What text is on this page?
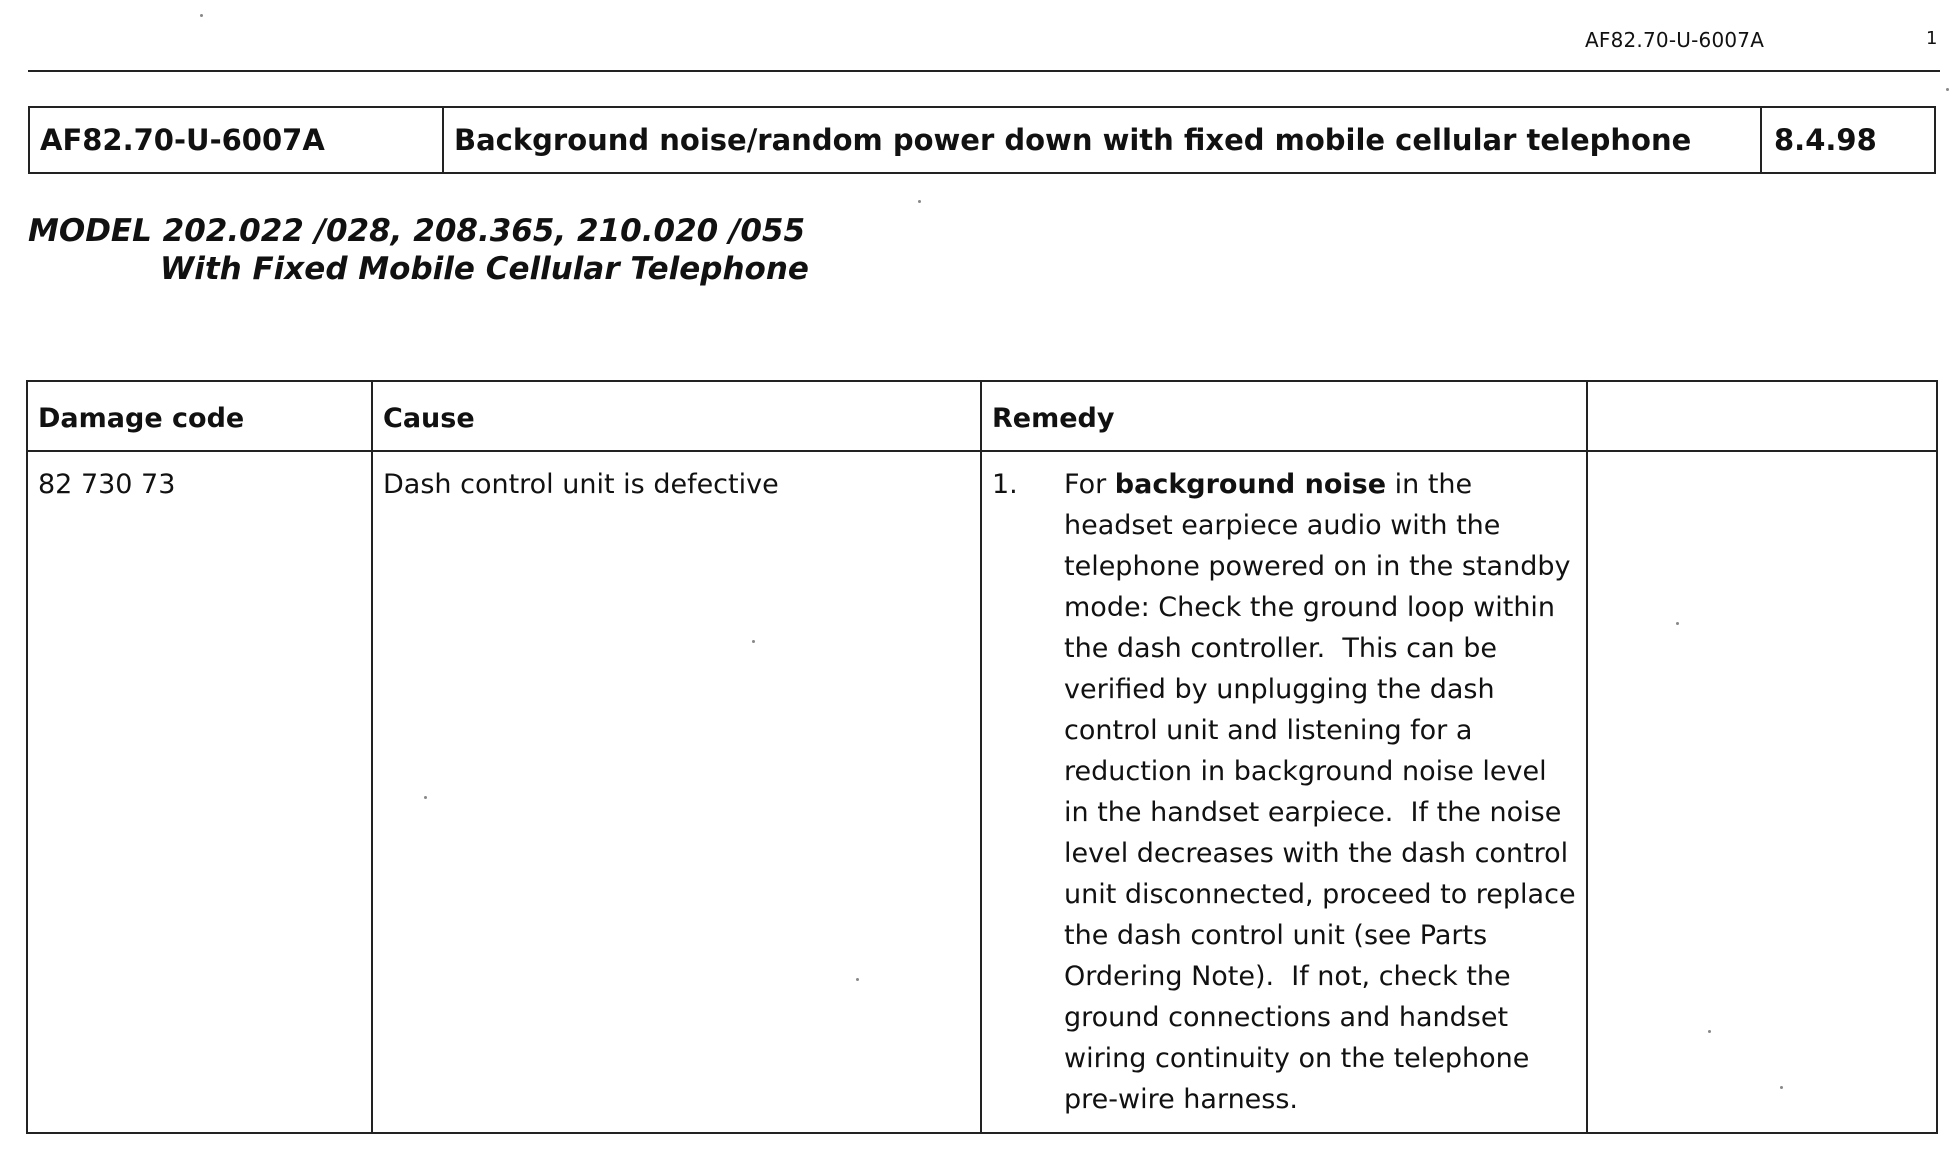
AF82.70-U-6007A	1
AF82.70-U-6007A	Background noise/random power down with fixed mobile cellular telephone	8.4.98
MODEL 202.022 /028, 208.365, 210.020 /055
With Fixed Mobile Cellular Telephone
Damage code	Cause	Remedy
82 730 73	Dash control unit is defective	1.	For background noise in the headset earpiece audio with the telephone powered on in the standby mode: Check the ground loop within the dash controller.  This can be verified by unplugging the dash control unit and listening for a reduction in background noise level in the handset earpiece.  If the noise level decreases with the dash control unit disconnected, proceed to replace the dash control unit (see Parts Ordering Note).  If not, check the ground connections and handset wiring continuity on the telephone pre-wire harness.
